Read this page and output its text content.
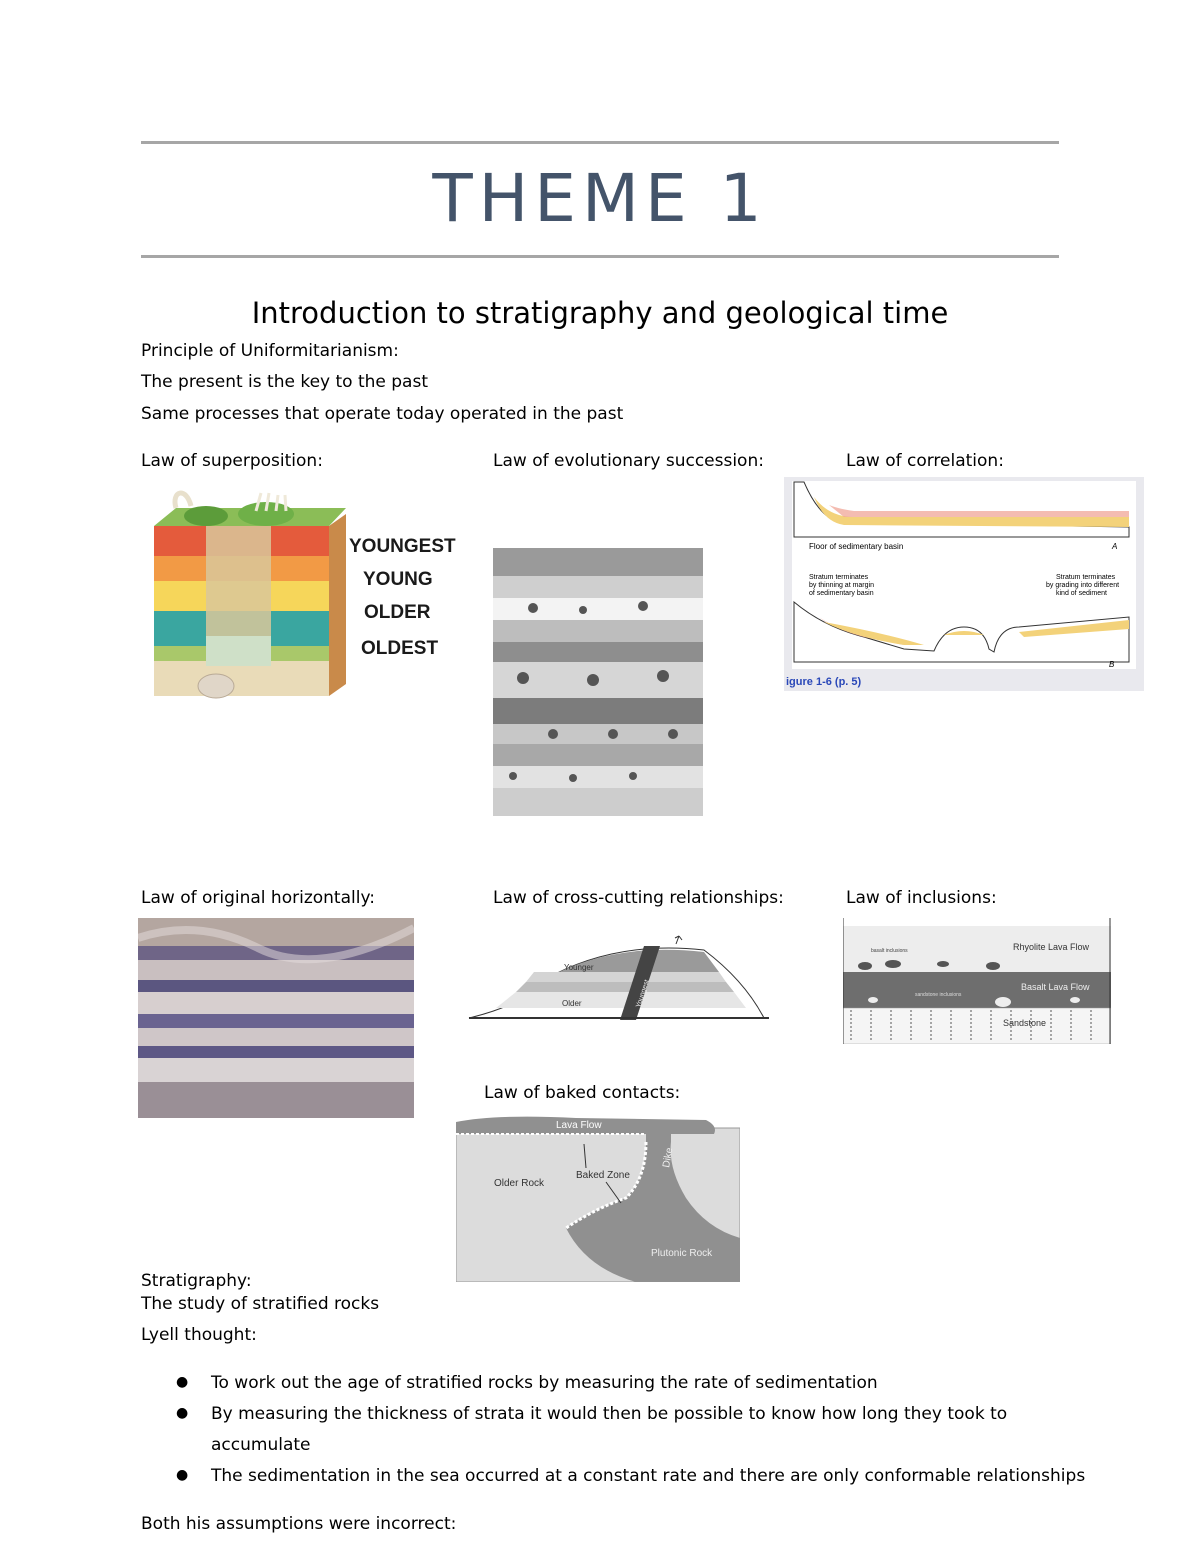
THEME 1
Introduction to stratigraphy and geological time
Principle of Uniformitarianism:
The present is the key to the past
Same processes that operate today operated in the past
Law of superposition:	Law of evolutionary succession:	Law of correlation:
YOUNGEST
YOUNG
OLDER
OLDEST
Floor of sedimentary basin	A
Stratum terminates
by thinning at margin
of sedimentary basin
Stratum terminates
by grading into different
kind of sediment
B
igure 1-6 (p. 5)
Law of original horizontally:	Law of cross-cutting relationships:	Law of inclusions:
Younger
Older	Youngest
basalt inclusions
sandstone inclusions
Rhyolite Lava Flow
Basalt Lava Flow
Sandstone
Law of baked contacts:
Lava Flow
Dike
Older Rock
Baked Zone
Plutonic Rock
Stratigraphy:
The study of stratified rocks
Lyell thought:
● To work out the age of stratified rocks by measuring the rate of sedimentation
● By measuring the thickness of strata it would then be possible to know how long they took to
accumulate
● The sedimentation in the sea occurred at a constant rate and there are only conformable relationships
Both his assumptions were incorrect:
